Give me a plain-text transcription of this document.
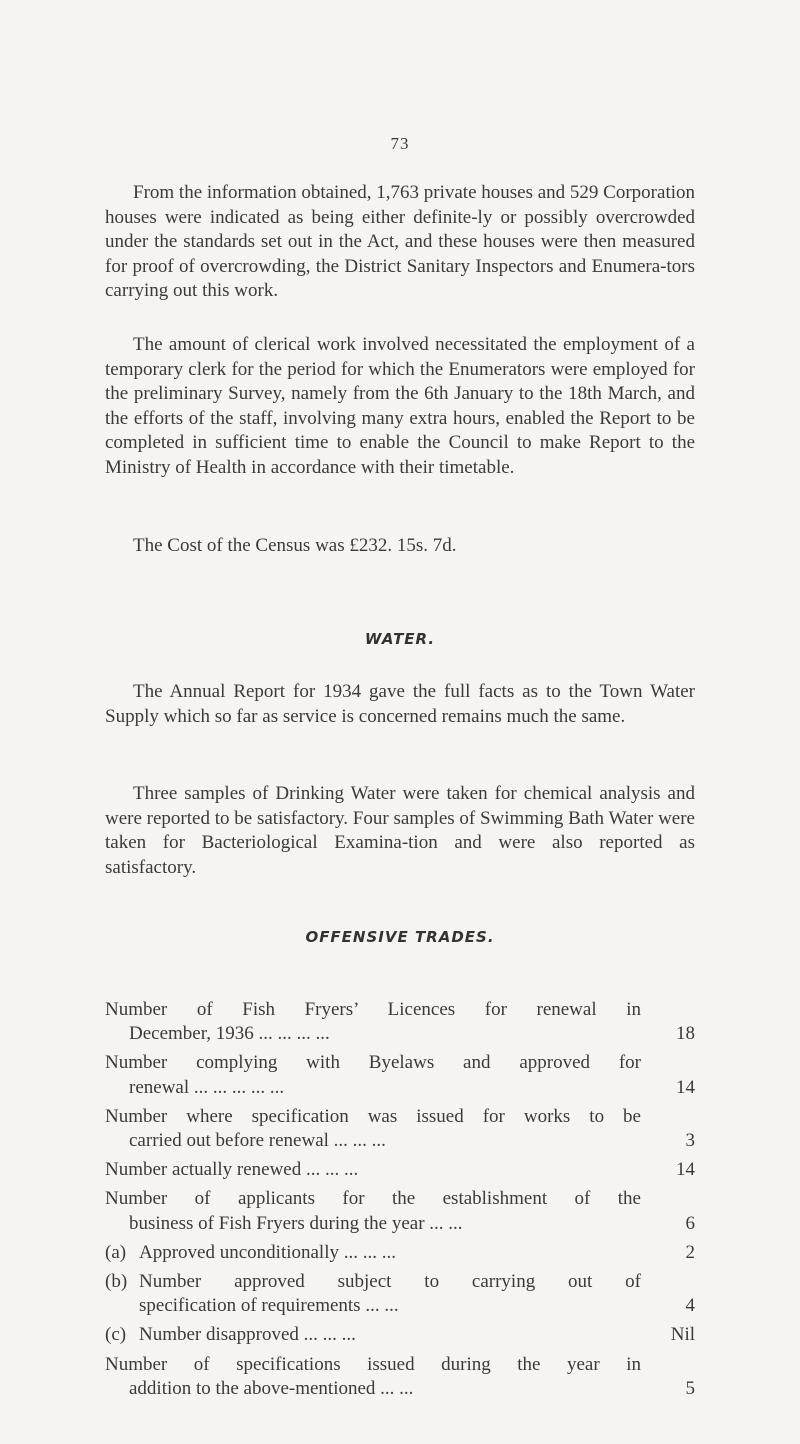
73

From the information obtained, 1,763 private houses and 529 Corporation houses were indicated as being either definite-ly or possibly overcrowded under the standards set out in the Act, and these houses were then measured for proof of overcrowding, the District Sanitary Inspectors and Enumera-tors carrying out this work.

The amount of clerical work involved necessitated the employment of a temporary clerk for the period for which the Enumerators were employed for the preliminary Survey, namely from the 6th January to the 18th March, and the efforts of the staff, involving many extra hours, enabled the Report to be completed in sufficient time to enable the Council to make Report to the Ministry of Health in accordance with their timetable.

The Cost of the Census was £232. 15s. 7d.

WATER.

The Annual Report for 1934 gave the full facts as to the Town Water Supply which so far as service is concerned remains much the same.

Three samples of Drinking Water were taken for chemical analysis and were reported to be satisfactory. Four samples of Swimming Bath Water were taken for Bacteriological Examina-tion and were also reported as satisfactory.

OFFENSIVE TRADES.
Number of Fish Fryers’ Licences for renewal in
December, 1936 ... ... ... ...	18
Number complying with Byelaws and approved for
renewal ... ... ... ... ...	14
Number where specification was issued for works to be
carried out before renewal ... ... ...	3
Number actually renewed ... ... ...	14
Number of applicants for the establishment of the
business of Fish Fryers during the year ... ...	6
(a) Approved unconditionally ... ... ...	2
(b) Number approved subject to carrying out of
specification of requirements ... ...	4
(c) Number disapproved ... ... ...	Nil
Number of specifications issued during the year in
addition to the above-mentioned ... ...	5
